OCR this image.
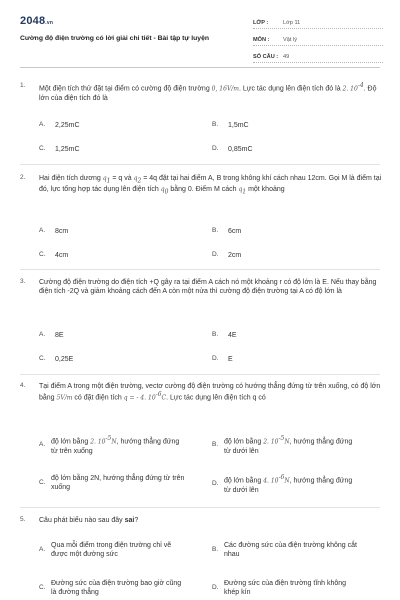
2048.vn
Cường độ điện trường có lời giải chi tiết - Bài tập tự luyện
LỚP :	Lớp 11
MÔN :	Vật lý
SỐ CÂU : 49
1. Một điện tích thử đặt tại điểm có cường độ điện trường 0, 16V/m. Lực tác dụng lên điện tích đó là 2. $10^{-4}$. Độ lớn của điện tích đó là
A.	2,25mC	B.	1,5mC
C.	1,25mC	D.	0,85mC
2. Hai điện tích dương $q_1 = q$ và $q_2 = 4q$ đặt tại hai điểm A, B trong không khí cách nhau 12cm. Gọi M là điểm tại đó, lực tổng hợp tác dụng lên điện tích $q_0$ bằng 0. Điểm M cách $q_1$ một khoảng
A.	8cm	B.	6cm
C.	4cm	D.	2cm
3. Cường độ điện trường do điện tích +Q gây ra tại điểm A cách nó một khoảng r có độ lớn là E. Nếu thay bằng điện tích -2Q và giảm khoảng cách đến A còn một nửa thì cường độ điện trường tại A có độ lớn là
A.	8E	B.	4E
C.	0,25E	D.	E
4. Tại điểm A trong một điện trường, vectơ cường độ điện trường có hướng thẳng đứng từ trên xuống, có độ lớn bằng 5V/m có đặt điện tích q = - 4. $10^{-6}C$. Lực tác dụng lên điện tích q có
A. độ lớn bằng 2. $10^{-5}N$, hướng thẳng đứng từ trên xuống
B. độ lớn bằng 2. $10^{-5}N$, hướng thẳng đứng từ dưới lên
C.
độ lớn bằng 2N, hướng thẳng đứng từ trên xuống
D. độ lớn bằng 4. $10^{-6}N$, hướng thẳng đứng từ dưới lên
5. Câu phát biểu nào sau đây sai?
A.
Qua mỗi điểm trong điện trường chỉ vẽ được một đường sức
B.
Các đường sức của điện trường không cắt nhau
C.
Đường sức của điện trường bao giờ cũng là đường thẳng
D.
Đường sức của điện trường tĩnh không khép kín
